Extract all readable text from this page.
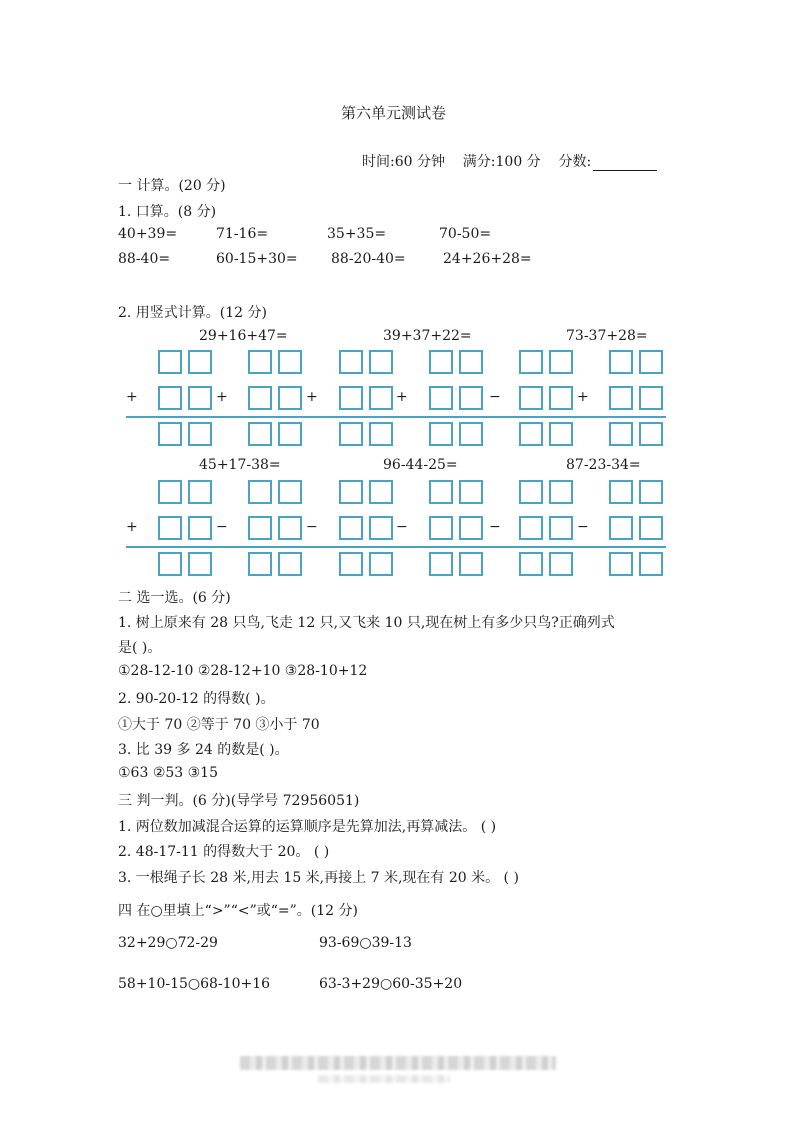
第六单元测试卷
时间:60 分钟 满分:100 分 分数:
一 计算。(20 分)
1. 口算。(8 分)
40+39=	71-16=	35+35=	70-50=
88-40=	60-15+30= 88-20-40=	24+26+28=
2. 用竖式计算。(12 分)
29+16+47=	39+37+22=	73-37+28=
45+17-38=	96-44-25=	87-23-34=
+	+	+	+	−	+
+	−	−	−	−	−
二 选一选。(6 分)
1. 树上原来有 28 只鸟,飞走 12 只,又飞来 10 只,现在树上有多少只鸟?正确列式
是( )。
①28-12-10 ②28-12+10 ③28-10+12
2. 90-20-12 的得数( )。
①大于 70 ②等于 70 ③小于 70
3. 比 39 多 24 的数是( )。
①63 ②53 ③15
三 判一判。(6 分)(导学号 72956051)
1. 两位数加减混合运算的运算顺序是先算加法,再算减法。 ( )
2. 48-17-11 的得数大于 20。 ( )
3. 一根绳子长 28 米,用去 15 米,再接上 7 米,现在有 20 米。 ( )
四 在○里填上“>”“<”或“=”。(12 分)
32+29○72-29	93-69○39-13
58+10-15○68-10+16	63-3+29○60-35+20
